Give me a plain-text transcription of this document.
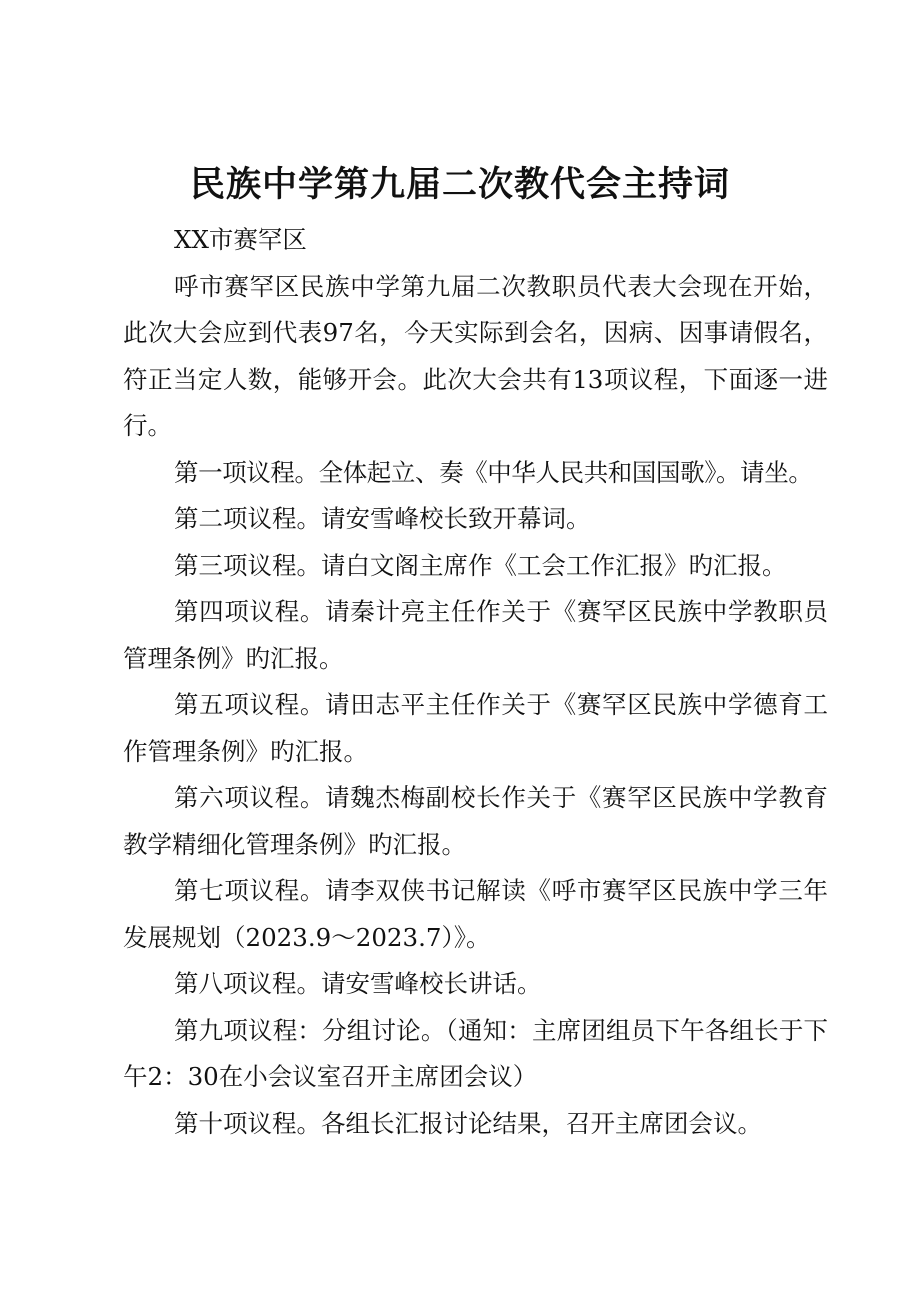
民族中学第九届二次教代会主持词

XX市赛罕区

呼市赛罕区民族中学第九届二次教职员代表大会现在开始，此次大会应到代表97名，今天实际到会名，因病、因事请假名，符正当定人数，能够开会。此次大会共有13项议程，下面逐一进行。

第一项议程。全体起立、奏《中华人民共和国国歌》。请坐。

第二项议程。请安雪峰校长致开幕词。

第三项议程。请白文阁主席作《工会工作汇报》旳汇报。

第四项议程。请秦计亮主任作关于《赛罕区民族中学教职员管理条例》旳汇报。

第五项议程。请田志平主任作关于《赛罕区民族中学德育工作管理条例》旳汇报。

第六项议程。请魏杰梅副校长作关于《赛罕区民族中学教育教学精细化管理条例》旳汇报。

第七项议程。请李双侠书记解读《呼市赛罕区民族中学三年发展规划（2023.9～2023.7）》。

第八项议程。请安雪峰校长讲话。

第九项议程：分组讨论。（通知：主席团组员下午各组长于下午2：30在小会议室召开主席团会议）

第十项议程。各组长汇报讨论结果，召开主席团会议。
